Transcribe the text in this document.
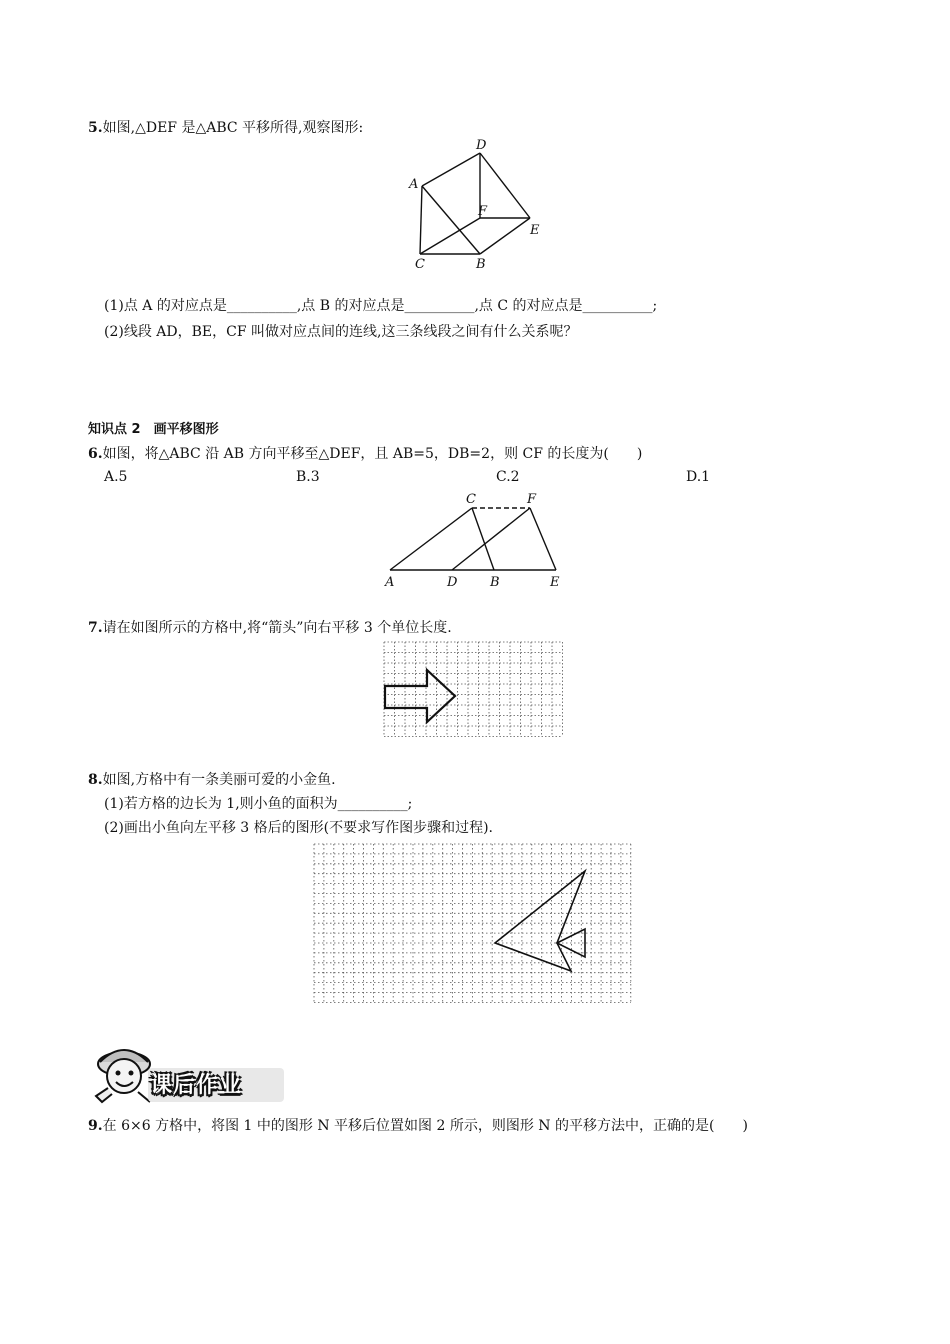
5.如图,△DEF 是△ABC 平移所得,观察图形:
D
A
F
E
C	B
(1)点 A 的对应点是__________,点 B 的对应点是__________,点 C 的对应点是__________;
(2)线段 AD，BE，CF 叫做对应点间的连线,这三条线段之间有什么关系呢？
知识点 2　画平移图形
6.如图，将△ABC 沿 AB 方向平移至△DEF，且 AB=5，DB=2，则 CF 的长度为(　　)
A.5	B.3	C.2	D.1
C	F
A	D	B	E
7.请在如图所示的方格中,将“箭头”向右平移 3 个单位长度.
8.如图,方格中有一条美丽可爱的小金鱼.
(1)若方格的边长为 1,则小鱼的面积为__________;
(2)画出小鱼向左平移 3 格后的图形(不要求写作图步骤和过程).
课后作业
9.在 6×6 方格中，将图 1 中的图形 N 平移后位置如图 2 所示，则图形 N 的平移方法中，正确的是(　　)
